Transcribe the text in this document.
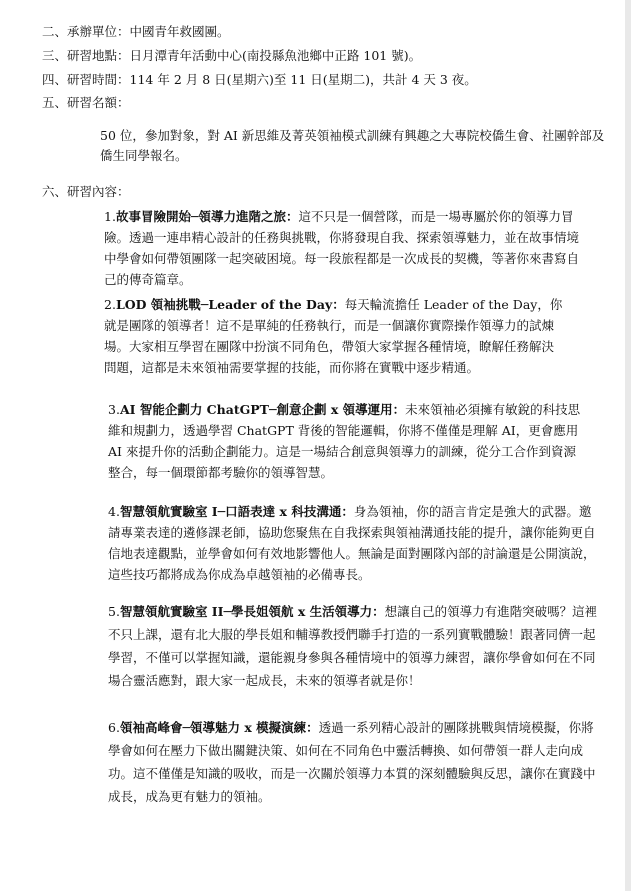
二、承辦單位：中國青年救國團。
三、研習地點：日月潭青年活動中心(南投縣魚池鄉中正路 101 號)。
四、研習時間：114 年 2 月 8 日(星期六)至 11 日(星期二)，共計 4 天 3 夜。
五、研習名額：
50 位，參加對象，對 AI 新思維及菁英領袖模式訓練有興趣之大專院校僑生會、社團幹部及僑生同學報名。
六、研習內容：
1.故事冒險開始─領導力進階之旅：這不只是一個營隊，而是一場專屬於你的領導力冒險。透過一連串精心設計的任務與挑戰，你將發現自我、探索領導魅力，並在故事情境中學會如何帶領團隊一起突破困境。每一段旅程都是一次成長的契機，等著你來書寫自己的傳奇篇章。
2.LOD 領袖挑戰─Leader of the Day：每天輪流擔任 Leader of the Day，你就是團隊的領導者！這不是單純的任務執行，而是一個讓你實際操作領導力的試煉場。大家相互學習在團隊中扮演不同角色，帶領大家掌握各種情境，瞭解任務解決問題，這都是未來領袖需要掌握的技能，而你將在實戰中逐步精通。
3.AI 智能企劃力 ChatGPT─創意企劃 x 領導運用：未來領袖必須擁有敏銳的科技思維和規劃力，透過學習 ChatGPT 背後的智能邏輯，你將不僅僅是理解 AI，更會應用 AI 來提升你的活動企劃能力。這是一場結合創意與領導力的訓練，從分工合作到資源整合，每一個環節都考驗你的領導智慧。
4.智慧領航實驗室 I─口語表達 x 科技溝通：身為領袖，你的語言肯定是強大的武器。邀請專業表達的遴修課老師，協助您聚焦在自我探索與領袖溝通技能的提升，讓你能夠更自信地表達觀點，並學會如何有效地影響他人。無論是面對團隊內部的討論還是公開演說，這些技巧都將成為你成為卓越領袖的必備專長。
5.智慧領航實驗室 II─學長姐領航 x 生活領導力：想讓自己的領導力有進階突破嗎？這裡不只上課，還有北大服的學長姐和輔導教授們聯手打造的一系列實戰體驗！跟著同儕一起學習，不僅可以掌握知識，還能親身參與各種情境中的領導力練習，讓你學會如何在不同場合靈活應對，跟大家一起成長，未來的領導者就是你！
6.領袖高峰會─領導魅力 x 模擬演練：透過一系列精心設計的團隊挑戰與情境模擬，你將學會如何在壓力下做出關鍵決策、如何在不同角色中靈活轉換、如何帶領一群人走向成功。這不僅僅是知識的吸收，而是一次關於領導力本質的深刻體驗與反思，讓你在實踐中成長，成為更有魅力的領袖。
